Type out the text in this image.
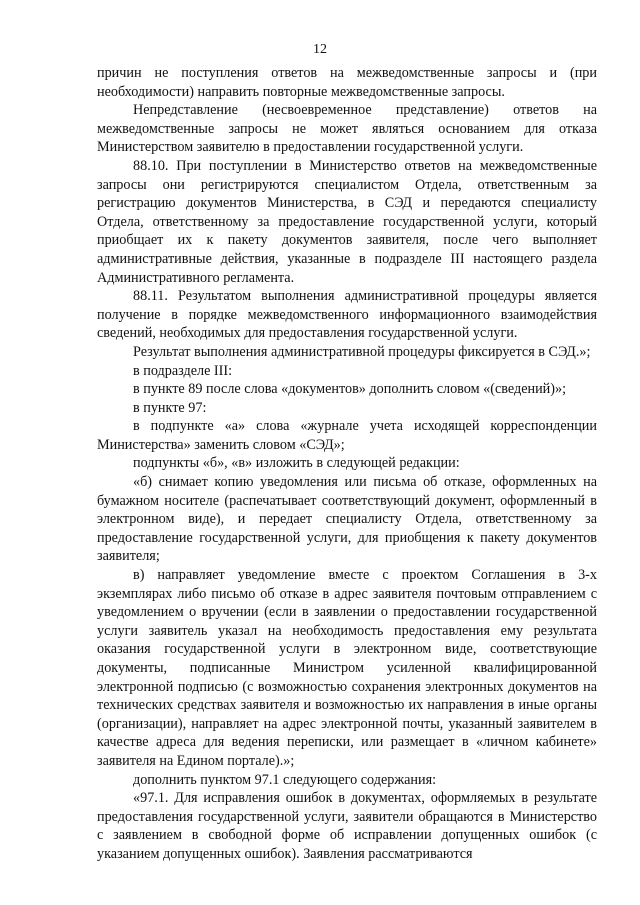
12

причин не поступления ответов на межведомственные запросы и (при необходимости) направить повторные межведомственные запросы.

Непредставление (несвоевременное представление) ответов на межведомственные запросы не может являться основанием для отказа Министерством заявителю в предоставлении государственной услуги.

88.10. При поступлении в Министерство ответов на межведомственные запросы они регистрируются специалистом Отдела, ответственным за регистрацию документов Министерства, в СЭД и передаются специалисту Отдела, ответственному за предоставление государственной услуги, который приобщает их к пакету документов заявителя, после чего выполняет административные действия, указанные в подразделе III настоящего раздела Административного регламента.

88.11. Результатом выполнения административной процедуры является получение в порядке межведомственного информационного взаимодействия сведений, необходимых для предоставления государственной услуги.

Результат выполнения административной процедуры фиксируется в СЭД.»;

в подразделе III:

в пункте 89 после слова «документов» дополнить словом «(сведений)»;

в пункте 97:

в подпункте «а» слова «журнале учета исходящей корреспонденции Министерства» заменить словом «СЭД»;

подпункты «б», «в» изложить в следующей редакции:

«б) снимает копию уведомления или письма об отказе, оформленных на бумажном носителе (распечатывает соответствующий документ, оформленный в электронном виде), и передает специалисту Отдела, ответственному за предоставление государственной услуги, для приобщения к пакету документов заявителя;

в) направляет уведомление вместе с проектом Соглашения в 3-х экземплярах либо письмо об отказе в адрес заявителя почтовым отправлением с уведомлением о вручении (если в заявлении о предоставлении государственной услуги заявитель указал на необходимость предоставления ему результата оказания государственной услуги в электронном виде, соответствующие документы, подписанные Министром усиленной квалифицированной электронной подписью (с возможностью сохранения электронных документов на технических средствах заявителя и возможностью их направления в иные органы (организации), направляет на адрес электронной почты, указанный заявителем в качестве адреса для ведения переписки, или размещает в «личном кабинете» заявителя на Едином портале).»;

дополнить пунктом 97.1 следующего содержания:

«97.1. Для исправления ошибок в документах, оформляемых в результате предоставления государственной услуги, заявители обращаются в Министерство с заявлением в свободной форме об исправлении допущенных ошибок (с указанием допущенных ошибок). Заявления рассматриваются
